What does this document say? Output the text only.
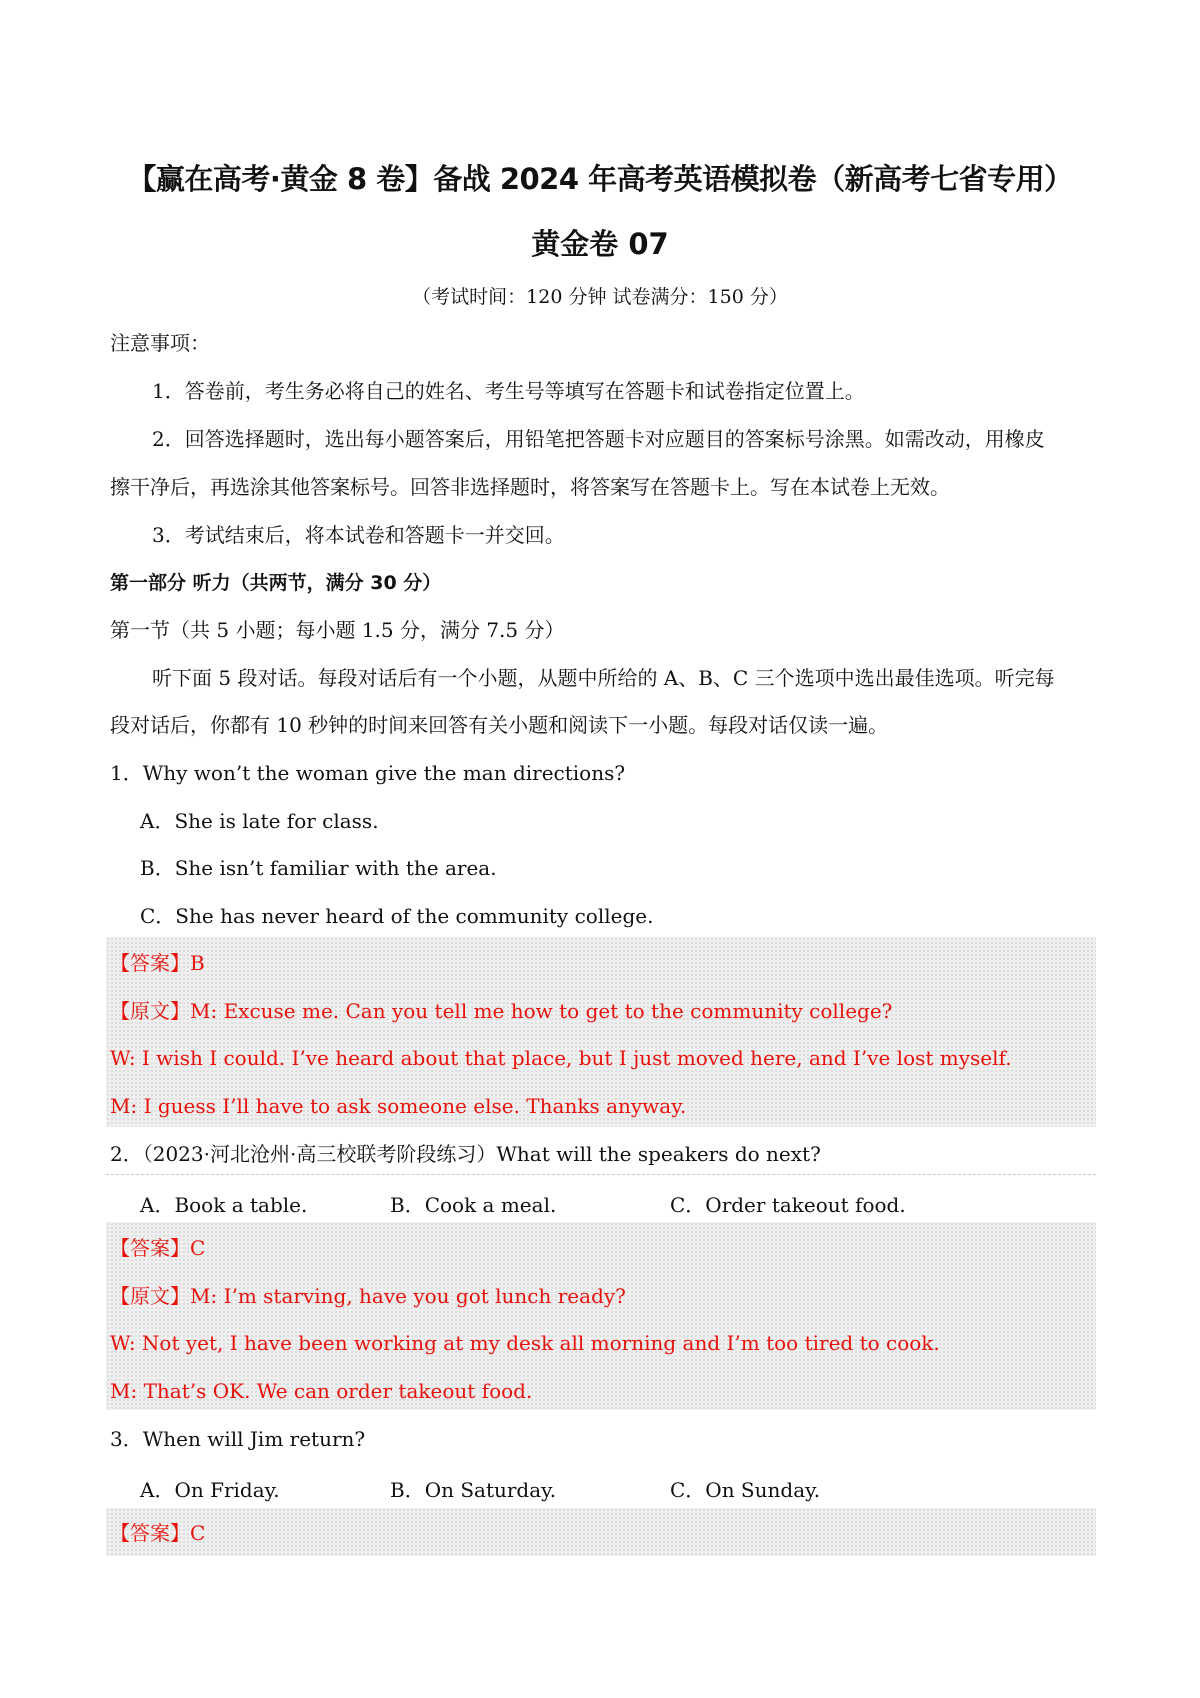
【赢在高考·黄金 8 卷】备战 2024 年高考英语模拟卷（新高考七省专用）
黄金卷 07
（考试时间：120 分钟 试卷满分：150 分）
注意事项：
1．答卷前，考生务必将自己的姓名、考生号等填写在答题卡和试卷指定位置上。
2．回答选择题时，选出每小题答案后，用铅笔把答题卡对应题目的答案标号涂黑。如需改动，用橡皮
擦干净后，再选涂其他答案标号。回答非选择题时，将答案写在答题卡上。写在本试卷上无效。
3．考试结束后，将本试卷和答题卡一并交回。
第一部分 听力（共两节，满分 30 分）
第一节（共 5 小题；每小题 1.5 分，满分 7.5 分）
听下面 5 段对话。每段对话后有一个小题，从题中所给的 A、B、C 三个选项中选出最佳选项。听完每
段对话后，你都有 10 秒钟的时间来回答有关小题和阅读下一小题。每段对话仅读一遍。
1．Why won’t the woman give the man directions?
A．She is late for class.
B．She isn’t familiar with the area.
C．She has never heard of the community college.
【答案】B
【原文】M: Excuse me. Can you tell me how to get to the community college?
W: I wish I could. I’ve heard about that place, but I just moved here, and I’ve lost myself.
M: I guess I’ll have to ask someone else. Thanks anyway.
2．（2023·河北沧州·高三校联考阶段练习）What will the speakers do next?
A．Book a table.	B．Cook a meal.	C．Order takeout food.
【答案】C
【原文】M: I’m starving, have you got lunch ready?
W: Not yet, I have been working at my desk all morning and I’m too tired to cook.
M: That’s OK. We can order takeout food.
3．When will Jim return?
A．On Friday.	B．On Saturday.	C．On Sunday.
【答案】C
